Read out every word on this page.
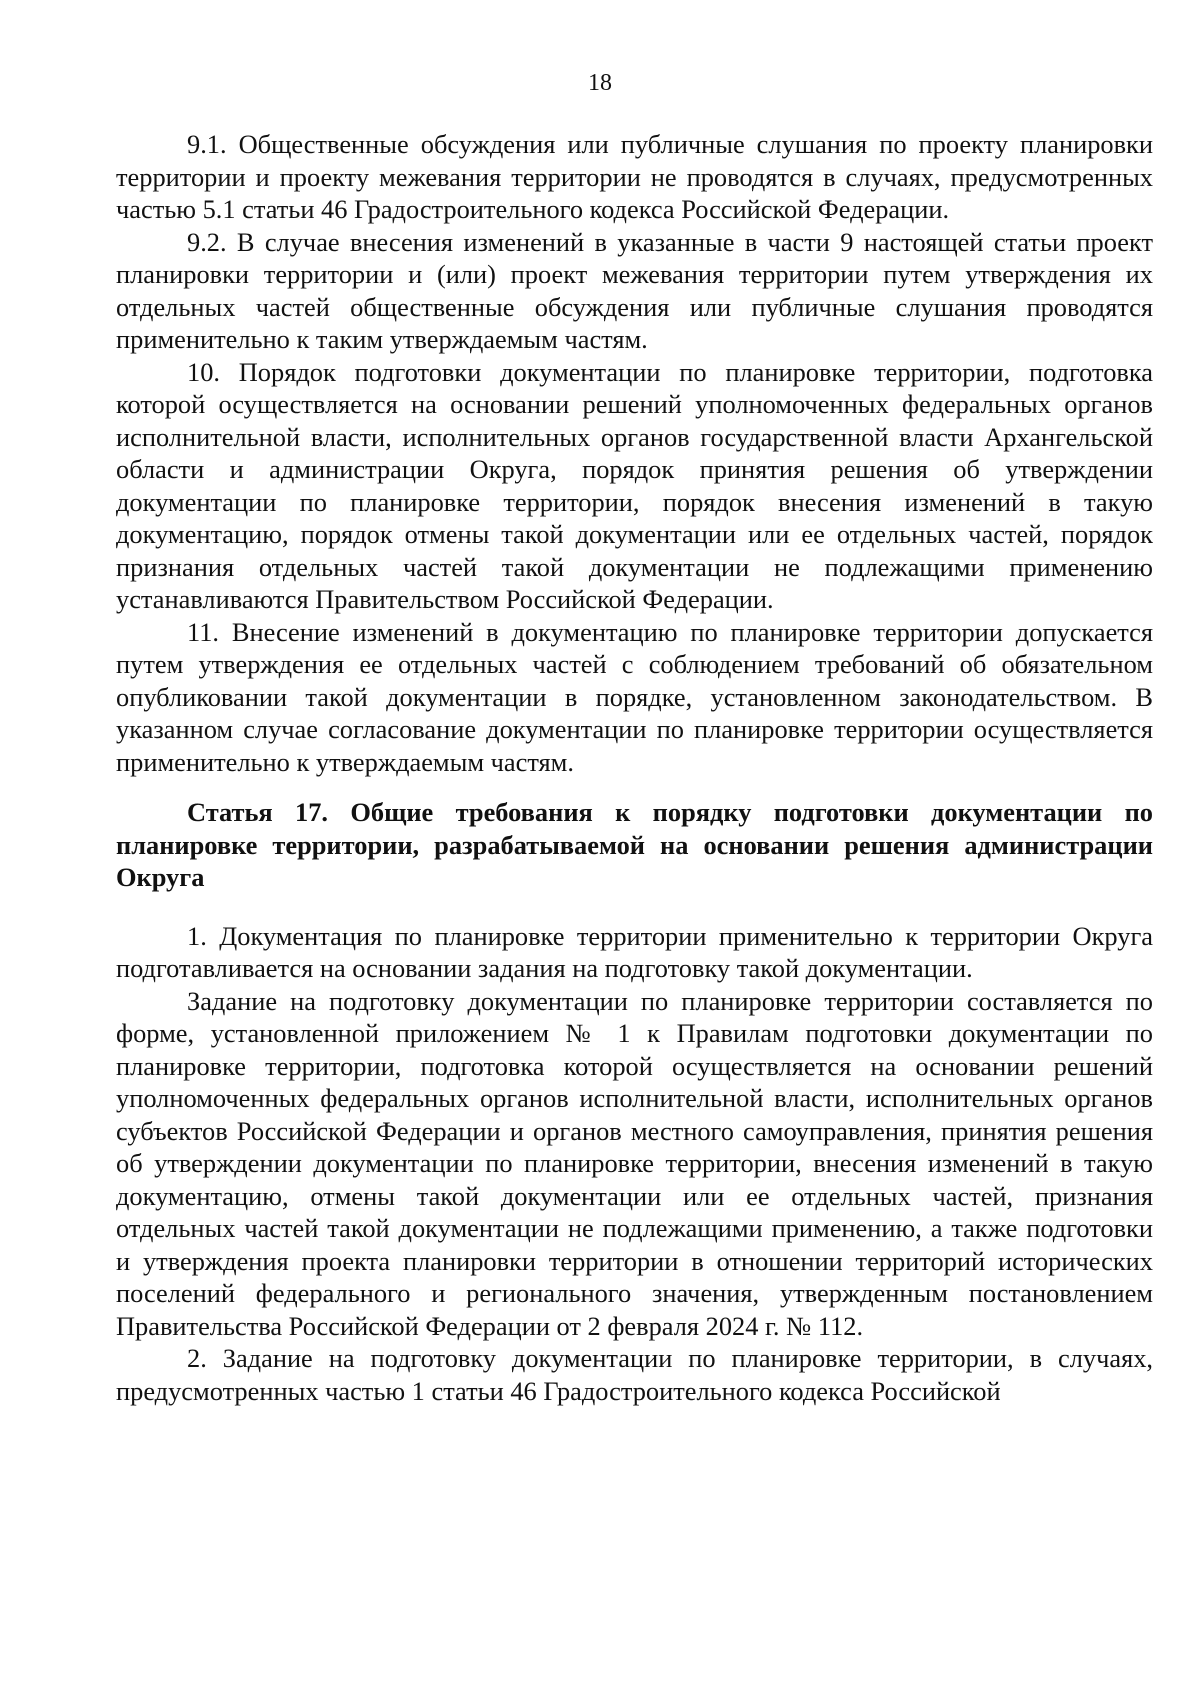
18

9.1. Общественные обсуждения или публичные слушания по проекту планировки территории и проекту межевания территории не проводятся в случаях, предусмотренных частью 5.1 статьи 46 Градостроительного кодекса Российской Федерации.

9.2. В случае внесения изменений в указанные в части 9 настоящей статьи проект планировки территории и (или) проект межевания территории путем утверждения их отдельных частей общественные обсуждения или публичные слушания проводятся применительно к таким утверждаемым частям.

10. Порядок подготовки документации по планировке территории, подготовка которой осуществляется на основании решений уполномоченных федеральных органов исполнительной власти, исполнительных органов государственной власти Архангельской области и администрации Округа, порядок принятия решения об утверждении документации по планировке территории, порядок внесения изменений в такую документацию, порядок отмены такой документации или ее отдельных частей, порядок признания отдельных частей такой документации не подлежащими применению устанавливаются Правительством Российской Федерации.

11. Внесение изменений в документацию по планировке территории допускается путем утверждения ее отдельных частей с соблюдением требований об обязательном опубликовании такой документации в порядке, установленном законодательством. В указанном случае согласование документации по планировке территории осуществляется применительно к утверждаемым частям.

Статья 17. Общие требования к порядку подготовки документации по планировке территории, разрабатываемой на основании решения администрации Округа

1. Документация по планировке территории применительно к территории Округа подготавливается на основании задания на подготовку такой документации.

Задание на подготовку документации по планировке территории составляется по форме, установленной приложением № 1 к Правилам подготовки документации по планировке территории, подготовка которой осуществляется на основании решений уполномоченных федеральных органов исполнительной власти, исполнительных органов субъектов Российской Федерации и органов местного самоуправления, принятия решения об утверждении документации по планировке территории, внесения изменений в такую документацию, отмены такой документации или ее отдельных частей, признания отдельных частей такой документации не подлежащими применению, а также подготовки и утверждения проекта планировки территории в отношении территорий исторических поселений федерального и регионального значения, утвержденным постановлением Правительства Российской Федерации от 2 февраля 2024 г. № 112.

2. Задание на подготовку документации по планировке территории, в случаях, предусмотренных частью 1 статьи 46 Градостроительного кодекса Российской
